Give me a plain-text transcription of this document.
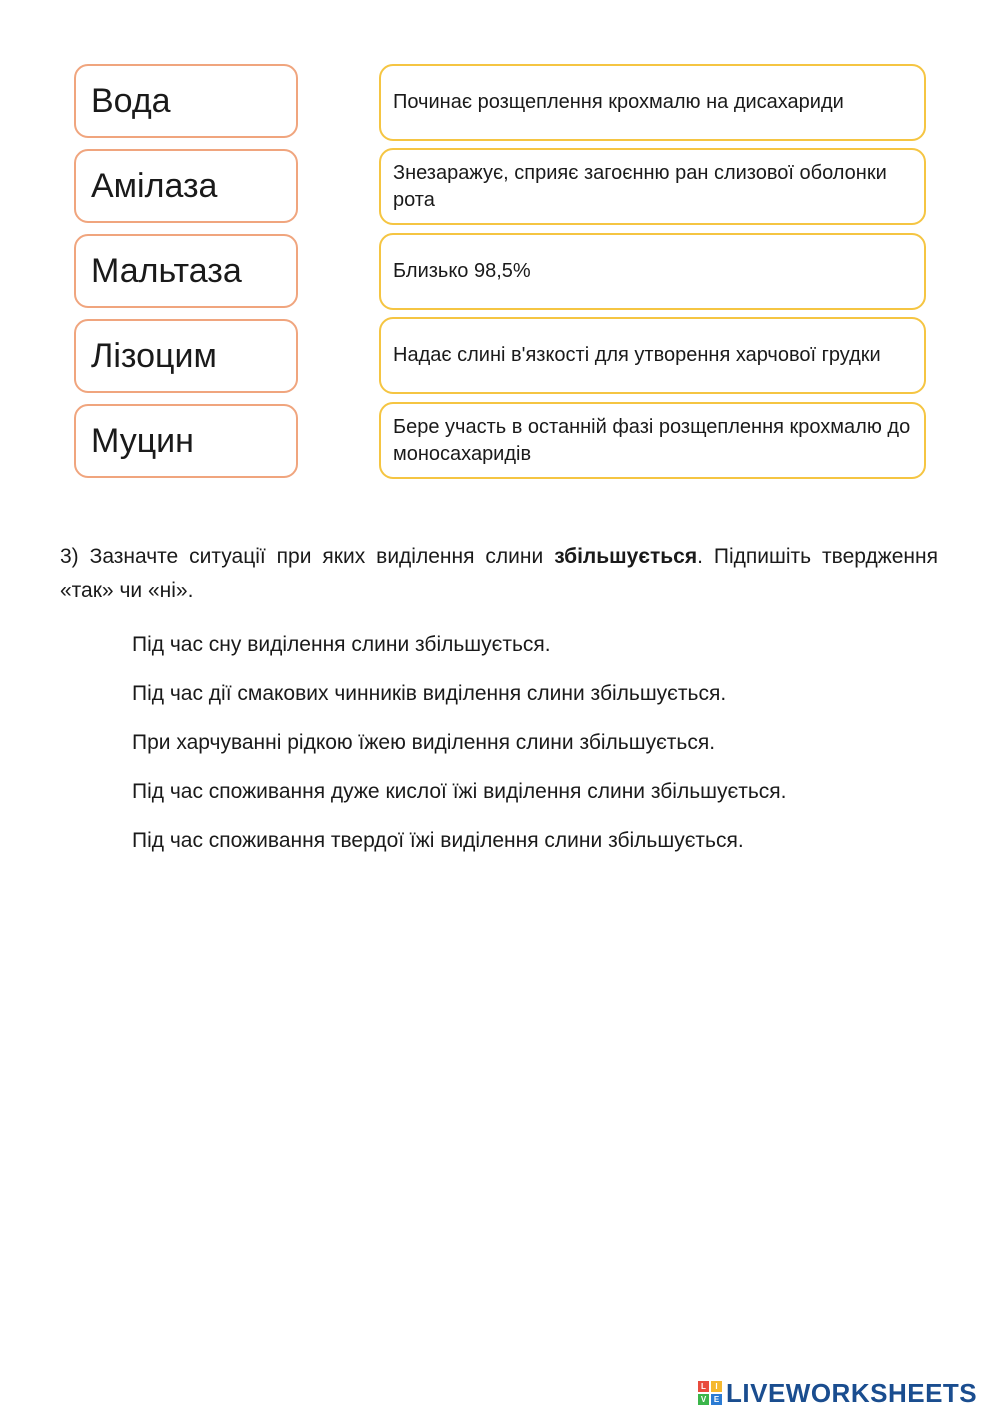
Вода
Амілаза
Мальтаза
Лізоцим
Муцин
Починає розщеплення крохмалю на дисахариди
Знезаражує, сприяє загоєнню ран слизової оболонки рота
Близько 98,5%
Надає слині в'язкості для утворення харчової грудки
Бере участь в останній фазі розщеплення крохмалю до моносахаридів
3) Зазначте ситуації при яких виділення слини збільшується. Підпишіть твердження «так» чи «ні».
Під час сну виділення слини збільшується.
Під час дії смакових чинників виділення слини збільшується.
При харчуванні рідкою їжею виділення слини збільшується.
Під час споживання дуже кислої їжі виділення слини збільшується.
Під час споживання твердої їжі виділення слини збільшується.
L	I
V E LIVEWORKSHEETS
